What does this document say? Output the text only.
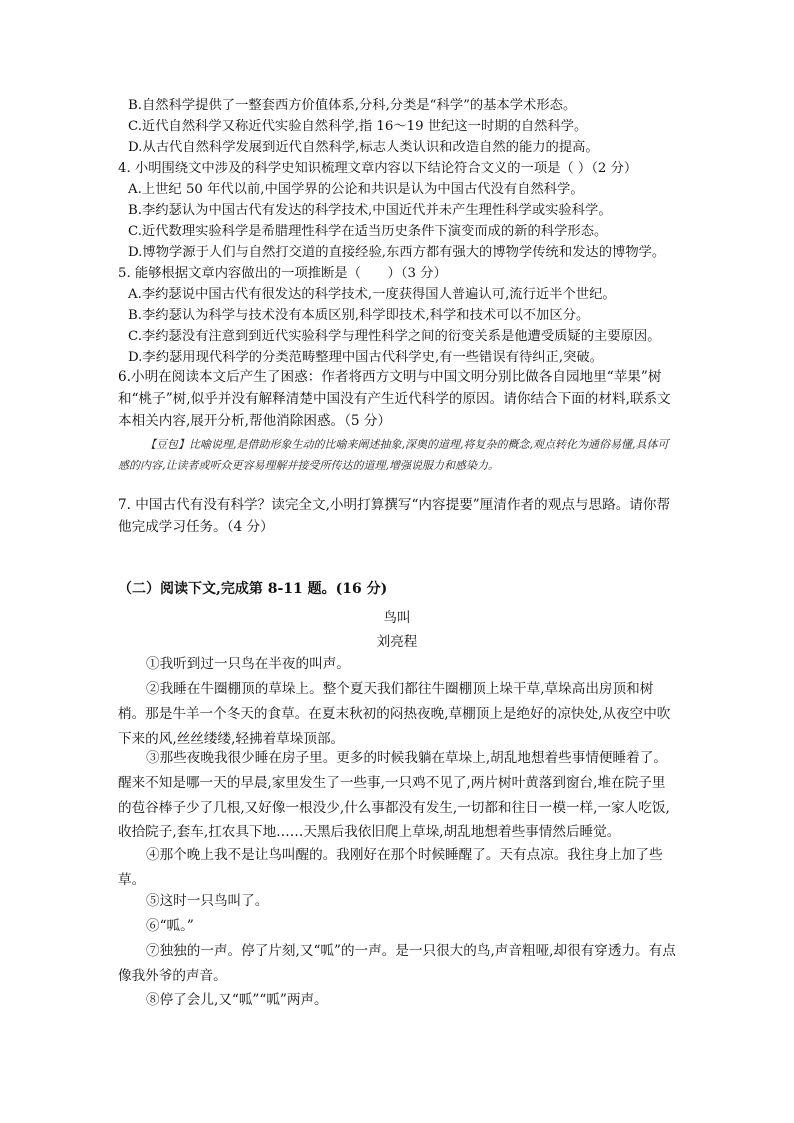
B.自然科学提供了一整套西方价值体系,分科,分类是“科学”的基本学术形态。
C.近代自然科学又称近代实验自然科学,指 16～19 世纪这一时期的自然科学。
D.从古代自然科学发展到近代自然科学,标志人类认识和改造自然的能力的提高。
4. 小明围绕文中涉及的科学史知识梳理文章内容以下结论符合文义的一项是（ ）（2 分）
A.上世纪 50 年代以前,中国学界的公论和共识是认为中国古代没有自然科学。
B.李约瑟认为中国古代有发达的科学技术,中国近代并未产生理性科学或实验科学。
C.近代数理实验科学是希腊理性科学在适当历史条件下演变而成的新的科学形态。
D.博物学源于人们与自然打交道的直接经验,东西方都有强大的博物学传统和发达的博物学。
5. 能够根据文章内容做出的一项推断是（　　）（3 分）
A.李约瑟说中国古代有很发达的科学技术,一度获得国人普遍认可,流行近半个世纪。
B.李约瑟认为科学与技术没有本质区别,科学即技术,科学和技术可以不加区分。
C.李约瑟没有注意到到近代实验科学与理性科学之间的衍变关系是他遭受质疑的主要原因。
D.李约瑟用现代科学的分类范畴整理中国古代科学史,有一些错误有待纠正,突破。
6.小明在阅读本文后产生了困惑：作者将西方文明与中国文明分别比做各自园地里“苹果”树和“桃子”树,似乎并没有解释清楚中国没有产生近代科学的原因。请你结合下面的材料,联系文本相关内容,展开分析,帮他消除困惑。（5 分）
【豆包】比喻说理,是借助形象生动的比喻来阐述抽象,深奥的道理,将复杂的概念,观点转化为通俗易懂,具体可感的内容,让读者或听众更容易理解并接受所传达的道理,增强说服力和感染力。
7. 中国古代有没有科学？读完全文,小明打算撰写“内容提要”厘清作者的观点与思路。请你帮他完成学习任务。（4 分）
（二）阅读下文,完成第 8-11 题。(16 分)
鸟叫
刘亮程
①我听到过一只鸟在半夜的叫声。
②我睡在牛圈棚顶的草垛上。整个夏天我们都往牛圈棚顶上垛干草,草垛高出房顶和树梢。那是牛羊一个冬天的食草。在夏末秋初的闷热夜晚,草棚顶上是绝好的凉快处,从夜空中吹下来的风,丝丝缕缕,轻拂着草垛顶部。
③那些夜晚我很少睡在房子里。更多的时候我躺在草垛上,胡乱地想着些事情便睡着了。醒来不知是哪一天的早晨,家里发生了一些事,一只鸡不见了,两片树叶黄落到窗台,堆在院子里的苞谷棒子少了几根,又好像一根没少,什么事都没有发生,一切都和往日一模一样,一家人吃饭,收拾院子,套车,扛农具下地……天黑后我依旧爬上草垛,胡乱地想着些事情然后睡觉。
④那个晚上我不是让鸟叫醒的。我刚好在那个时候睡醒了。天有点凉。我往身上加了些草。
⑤这时一只鸟叫了。
⑥“呱。”
⑦独独的一声。停了片刻,又“呱”的一声。是一只很大的鸟,声音粗哑,却很有穿透力。有点像我外爷的声音。
⑧停了会儿,又“呱”“呱”两声。
